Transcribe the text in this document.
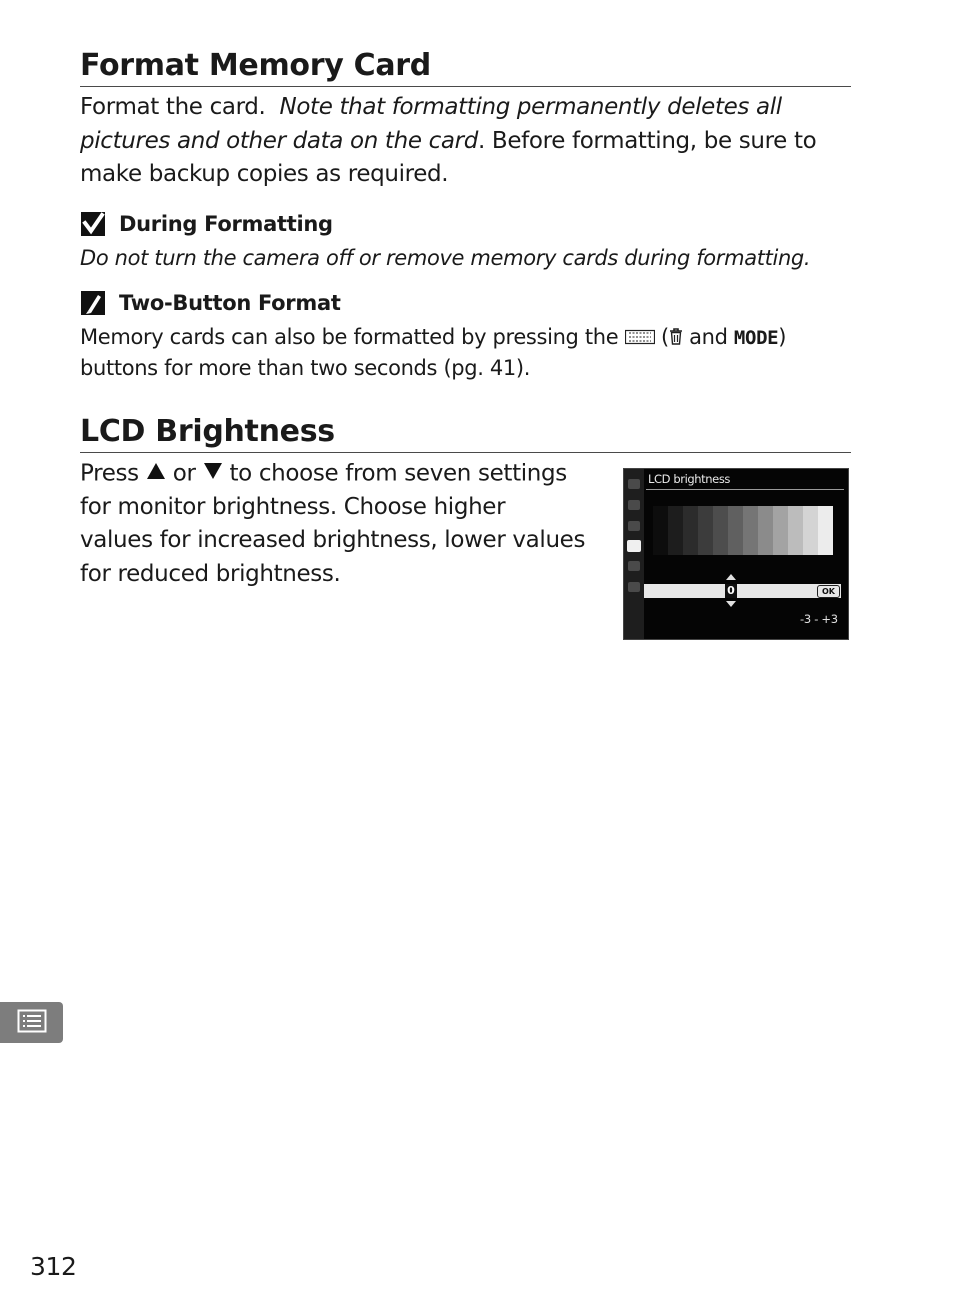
Format Memory Card
Format the card. Note that formatting permanently deletes all
pictures and other data on the card. Before formatting, be sure to
make backup copies as required.
During Formatting
Do not turn the camera off or remove memory cards during formatting.
Two-Button Format
Memory cards can also be formatted by pressing the ( and MODE)
buttons for more than two seconds (pg. 41).
LCD Brightness
Press or to choose from seven settings
for monitor brightness. Choose higher
values for increased brightness, lower values
for reduced brightness.
LCD brightness
0	OK
-3 - +3
312
